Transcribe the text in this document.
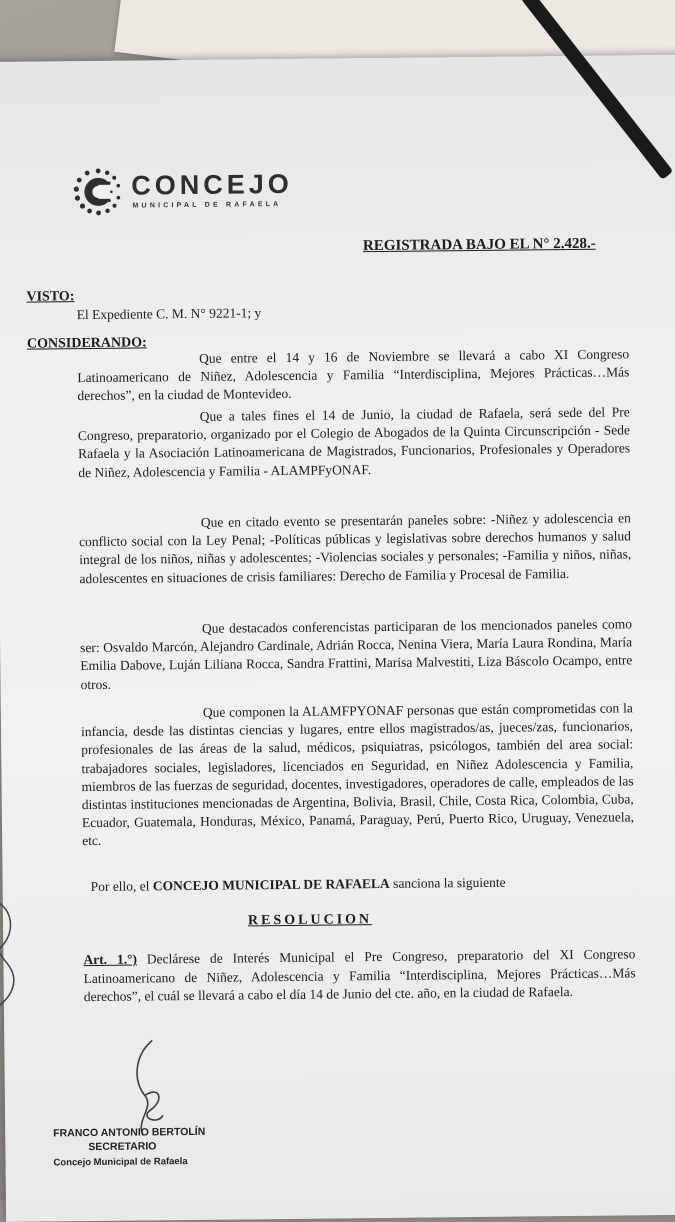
CONCEJO
MUNICIPAL DE RAFAELA
REGISTRADA BAJO EL N° 2.428.-
VISTO:
El Expediente C. M. N° 9221-1; y
CONSIDERANDO:
Que entre el 14 y 16 de Noviembre se llevará a cabo XI Congreso Latinoamericano de Niñez, Adolescencia y Familia “Interdisciplina, Mejores Prácticas…Más derechos”, en la ciudad de Montevideo.
Que a tales fines el 14 de Junio, la ciudad de Rafaela, será sede del Pre Congreso, preparatorio, organizado por el Colegio de Abogados de la Quinta Circunscripción - Sede Rafaela y la Asociación Latinoamericana de Magistrados, Funcionarios, Profesionales y Operadores de Niñez, Adolescencia y Familia - ALAMPFyONAF.
Que en citado evento se presentarán paneles sobre: -Niñez y adolescencia en conflicto social con la Ley Penal; -Políticas públicas y legislativas sobre derechos humanos y salud integral de los niños, niñas y adolescentes; -Violencias sociales y personales; -Familia y niños, niñas, adolescentes en situaciones de crisis familiares: Derecho de Familia y Procesal de Familia.
Que destacados conferencistas participaran de los mencionados paneles como ser: Osvaldo Marcón, Alejandro Cardinale, Adrián Rocca, Nenina Viera, María Laura Rondina, María Emilia Dabove, Luján Liliana Rocca, Sandra Frattini, Marisa Malvestiti, Liza Báscolo Ocampo, entre otros.
Que componen la ALAMFPYONAF personas que están comprometidas con la infancia, desde las distintas ciencias y lugares, entre ellos magistrados/as, jueces/zas, funcionarios, profesionales de las áreas de la salud, médicos, psiquiatras, psicólogos, también del area social: trabajadores sociales, legisladores, licenciados en Seguridad, en Niñez Adolescencia y Familia, miembros de las fuerzas de seguridad, docentes, investigadores, operadores de calle, empleados de las distintas instituciones mencionadas de Argentina, Bolivia, Brasil, Chile, Costa Rica, Colombia, Cuba, Ecuador, Guatemala, Honduras, México, Panamá, Paraguay, Perú, Puerto Rico, Uruguay, Venezuela, etc.
Por ello, el CONCEJO MUNICIPAL DE RAFAELA sanciona la siguiente
RESOLUCION
Art. 1.°) Declárese de Interés Municipal el Pre Congreso, preparatorio del XI Congreso Latinoamericano de Niñez, Adolescencia y Familia “Interdisciplina, Mejores Prácticas…Más derechos”, el cuál se llevará a cabo el día 14 de Junio del cte. año, en la ciudad de Rafaela.
FRANCO ANTONIO BERTOLÍN
SECRETARIO
Concejo Municipal de Rafaela
